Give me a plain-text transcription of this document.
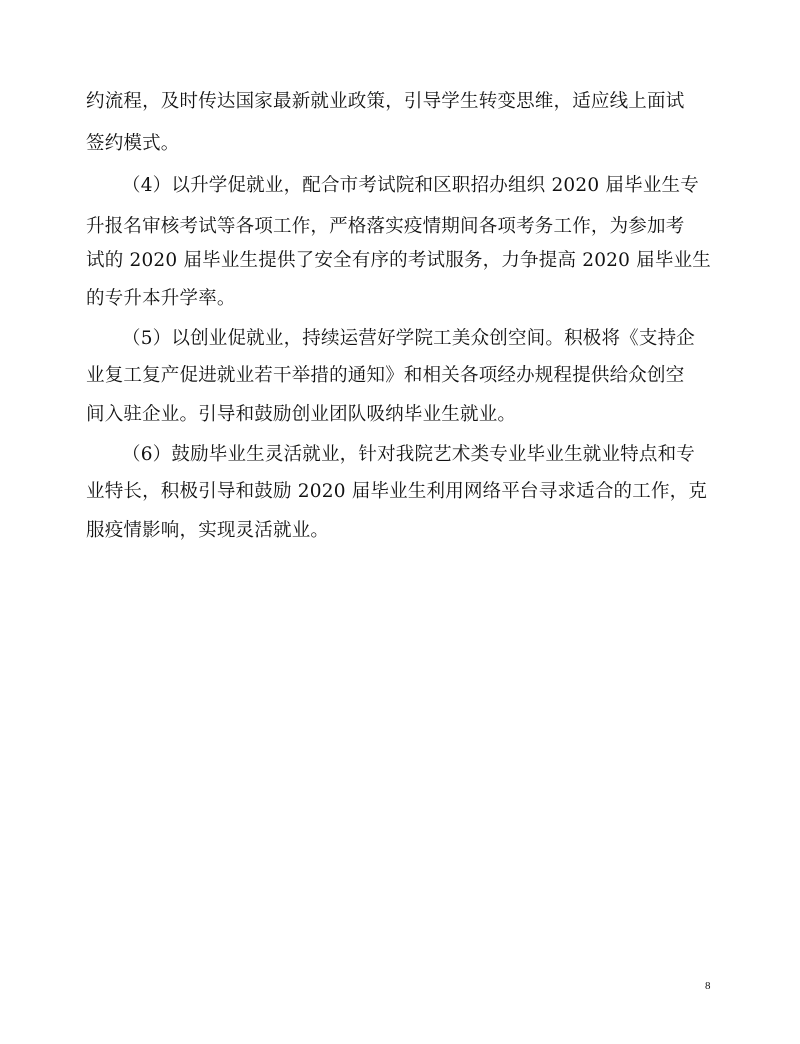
约流程，及时传达国家最新就业政策，引导学生转变思维，适应线上面试
签约模式。
（4）以升学促就业，配合市考试院和区职招办组织 2020 届毕业生专
升报名审核考试等各项工作，严格落实疫情期间各项考务工作，为参加考
试的 2020 届毕业生提供了安全有序的考试服务，力争提高 2020 届毕业生
的专升本升学率。
（5）以创业促就业，持续运营好学院工美众创空间。积极将《支持企
业复工复产促进就业若干举措的通知》和相关各项经办规程提供给众创空
间入驻企业。引导和鼓励创业团队吸纳毕业生就业。
（6）鼓励毕业生灵活就业，针对我院艺术类专业毕业生就业特点和专
业特长，积极引导和鼓励 2020 届毕业生利用网络平台寻求适合的工作，克
服疫情影响，实现灵活就业。
8
